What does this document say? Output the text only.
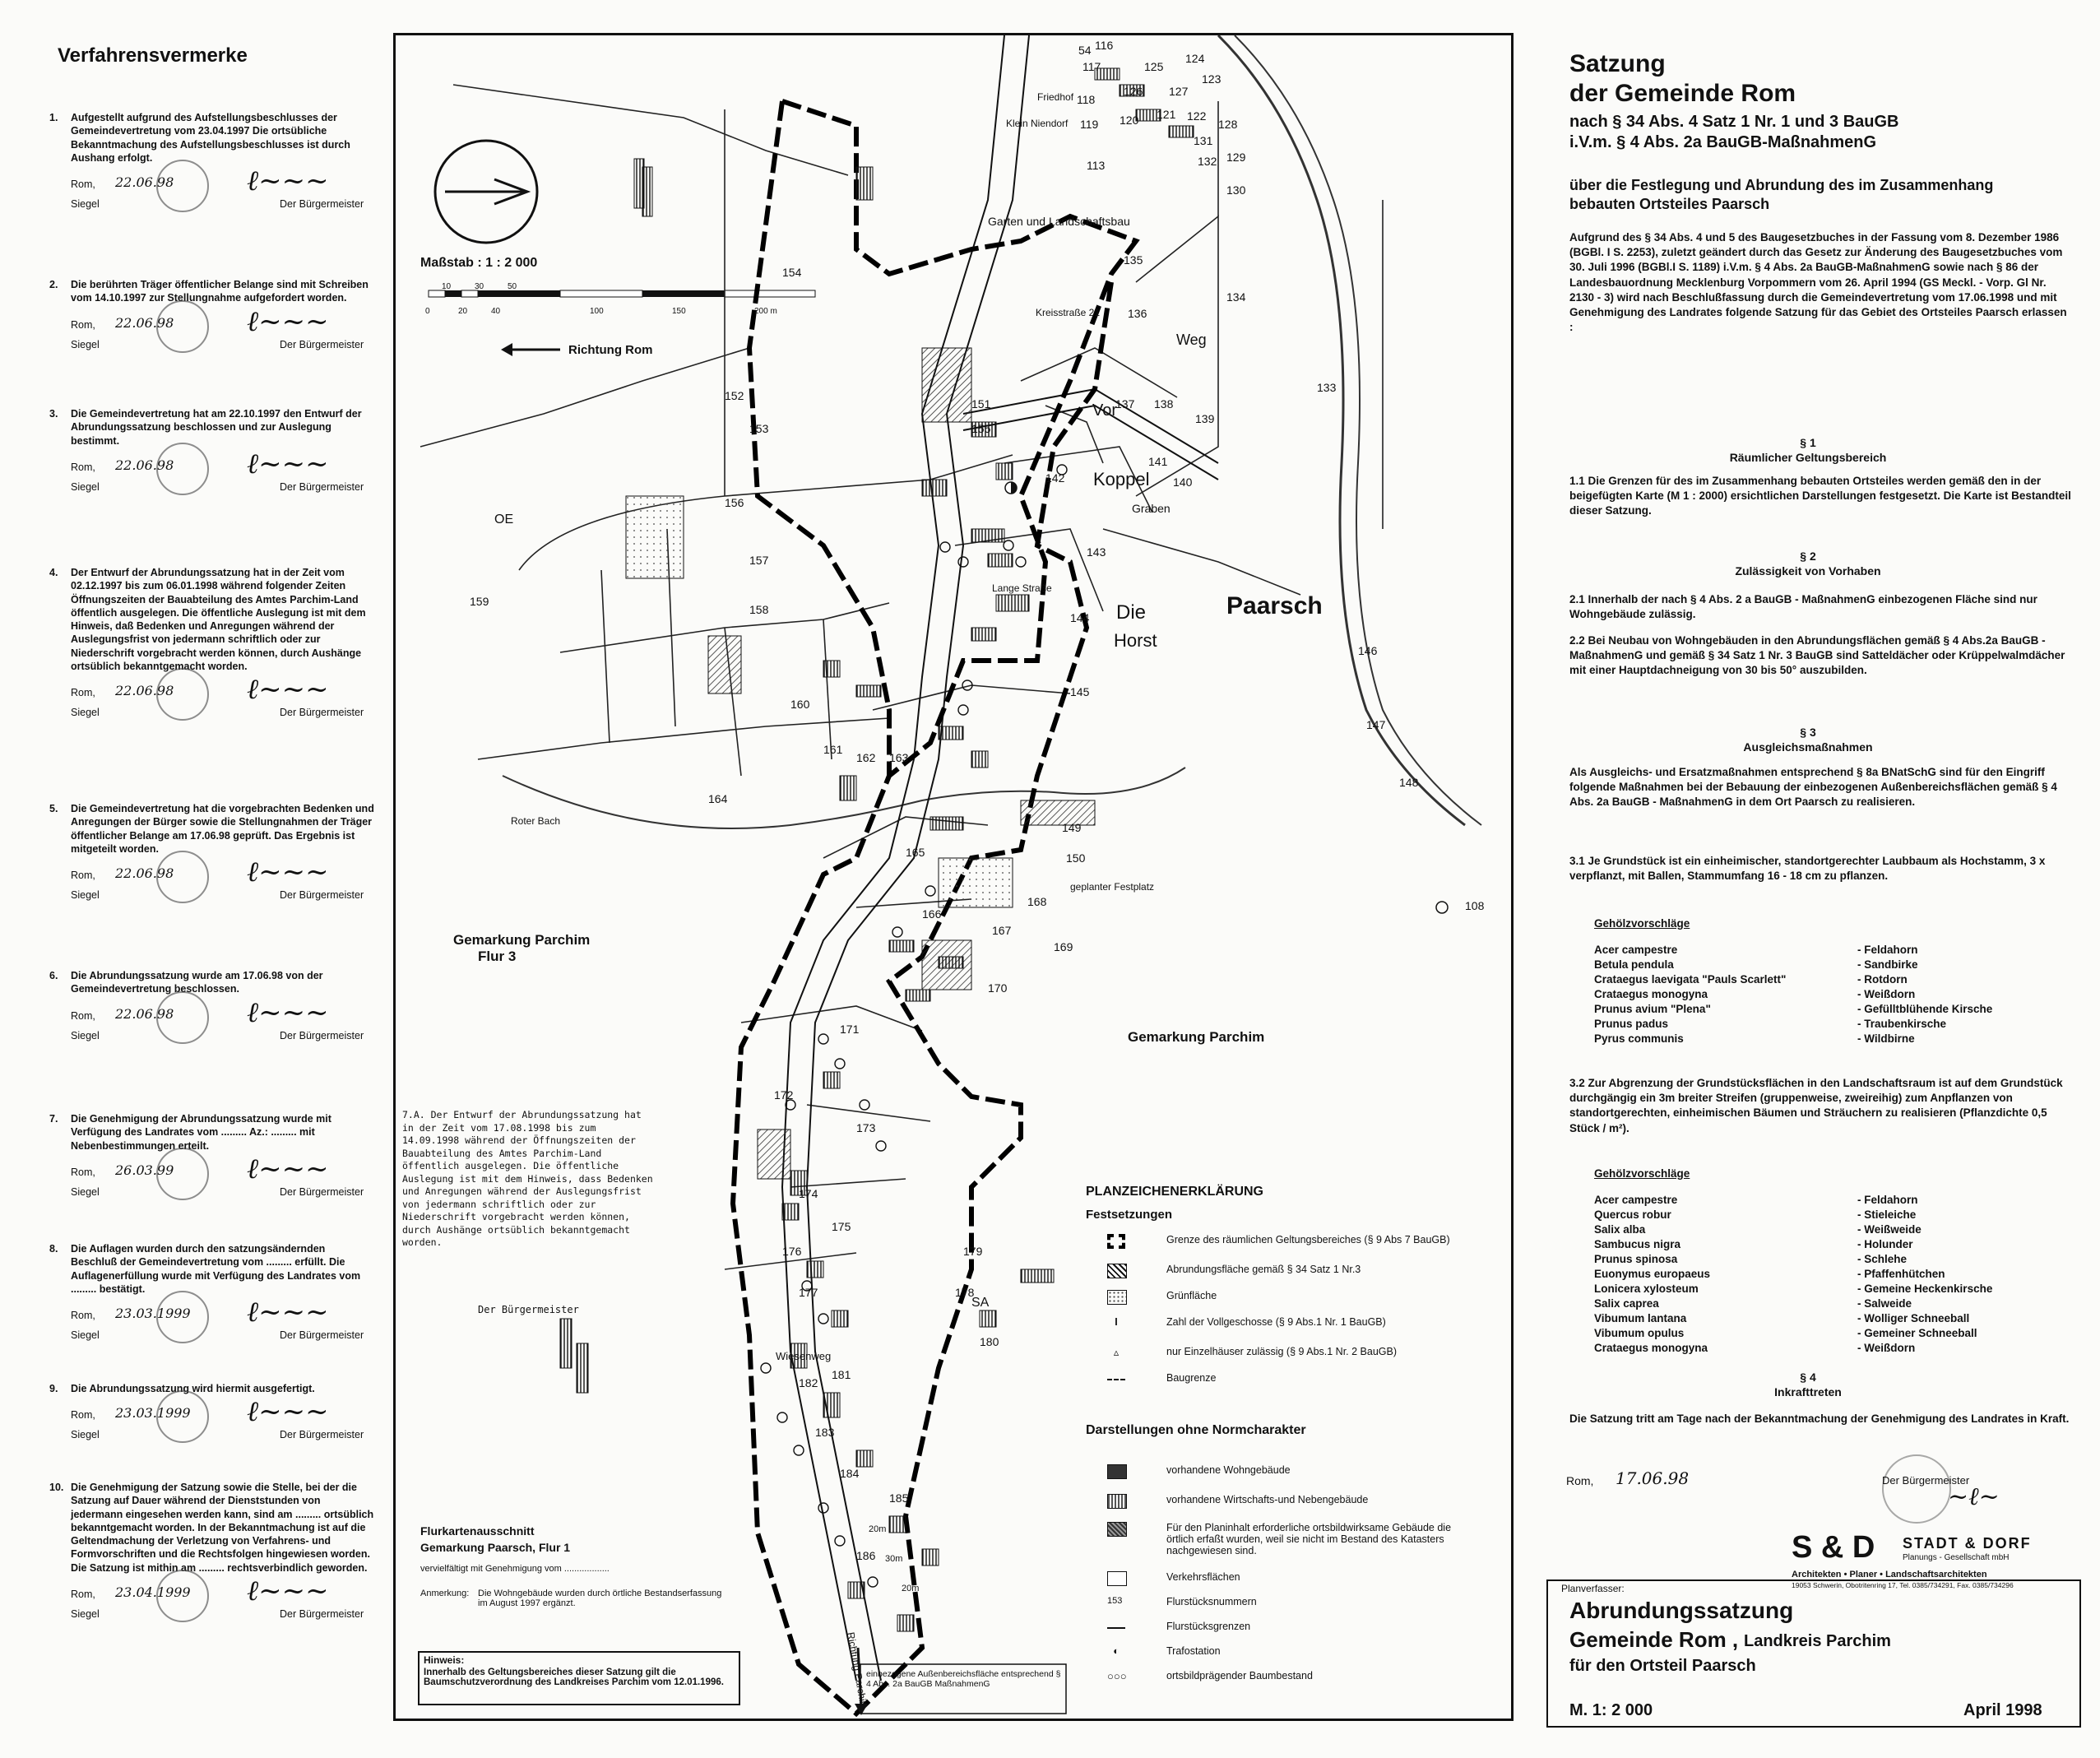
Verfahrensvermerke
1.	Aufgestellt aufgrund des Aufstellungsbeschlusses der Gemeindevertretung vom 23.04.1997 Die ortsübliche Bekanntmachung des Aufstellungsbeschlusses ist durch Aushang erfolgt.
Rom, 22.06.98
Siegel
ℓ~~~
Der Bürgermeister
2.	Die berührten Träger öffentlicher Belange sind mit Schreiben vom 14.10.1997 zur Stellungnahme aufgefordert worden.
Rom, 22.06.98
Siegel
ℓ~~~
Der Bürgermeister
3.	Die Gemeindevertretung hat am 22.10.1997 den Entwurf der Abrundungssatzung beschlossen und zur Auslegung bestimmt.
Rom, 22.06.98
Siegel
ℓ~~~
Der Bürgermeister
4.	Der Entwurf der Abrundungssatzung hat in der Zeit vom 02.12.1997 bis zum 06.01.1998 während folgender Zeiten Öffnungszeiten der Bauabteilung des Amtes Parchim-Land öffentlich ausgelegen. Die öffentliche Auslegung ist mit dem Hinweis, daß Bedenken und Anregungen während der Auslegungsfrist von jedermann schriftlich oder zur Niederschrift vorgebracht werden können, durch Aushänge ortsüblich bekanntgemacht worden.
Rom, 22.06.98
Siegel
ℓ~~~
Der Bürgermeister
5.	Die Gemeindevertretung hat die vorgebrachten Bedenken und Anregungen der Bürger sowie die Stellungnahmen der Träger öffentlicher Belange am 17.06.98 geprüft. Das Ergebnis ist mitgeteilt worden.
Rom, 22.06.98
Siegel
ℓ~~~
Der Bürgermeister
6.	Die Abrundungssatzung wurde am 17.06.98 von der Gemeindevertretung beschlossen.
Rom, 22.06.98
Siegel
ℓ~~~
Der Bürgermeister
7.	Die Genehmigung der Abrundungssatzung wurde mit Verfügung des Landrates vom ......... Az.: ......... mit Nebenbestimmungen erteilt.
Rom, 26.03.99
Siegel
ℓ~~~
Der Bürgermeister
8.	Die Auflagen wurden durch den satzungsändernden Beschluß der Gemeindevertretung vom ......... erfüllt. Die Auflagenerfüllung wurde mit Verfügung des Landrates vom ......... bestätigt.
Rom, 23.03.1999
Siegel
ℓ~~~
Der Bürgermeister
9.	Die Abrundungssatzung wird hiermit ausgefertigt.
Rom, 23.03.1999
Siegel
ℓ~~~
Der Bürgermeister
10. Die Genehmigung der Satzung sowie die Stelle, bei der die Satzung auf Dauer während der Dienststunden von jedermann eingesehen werden kann, sind am ......... ortsüblich bekanntgemacht worden. In der Bekanntmachung ist auf die Geltendmachung der Verletzung von Verfahrens- und Formvorschriften und die Rechtsfolgen hingewiesen worden. Die Satzung ist mithin am ......... rechtsverbindlich geworden.
Rom, 23.04.1999
Siegel
ℓ~~~
Der Bürgermeister
Maßstab : 1 : 2 000
0
10
20
30
40
50
100	150	200 m
Richtung Rom
Paarsch
Gemarkung Parchim
Flur 3
Gemarkung Parchim
Die
Horst
Vor
Koppel
Weg
Graben
Friedhof
Garten und Landschaftsbau
Roter Bach
geplanter Festplatz
Wiesenweg
OE
Lange Straße
Klein Niendorf
Kreisstraße 21
SA
Richtung Parchim
20m
30m
20m
113
116
117
118
119 120 121 122
123
124
125
126 127
128
129
130
131
132
133
134
135
136
137 138
139
140
141
142
143
144
145
146
147
148
149
150
151
152
153
154
155
156
157
158
159
160
161
162 163
164
165
166
167
168
169
170
171
172
173
174
175
176
177	178
179
180
181
182
183
184
185
186
108
54
7.A. Der Entwurf der Abrundungssatzung hat in der Zeit vom 17.08.1998 bis zum 14.09.1998 während der Öffnungszeiten der Bauabteilung des Amtes Parchim-Land öffentlich ausgelegen. Die öffentliche Auslegung ist mit dem Hinweis, dass Bedenken und Anregungen während der Auslegungsfrist von jedermann schriftlich oder zur Niederschrift vorgebracht werden können, durch Aushänge ortsüblich bekanntgemacht worden.
Der Bürgermeister
Flurkartenausschnitt
Gemarkung Paarsch, Flur 1
vervielfältigt mit Genehmigung vom ..................
Anmerkung: Die Wohngebäude wurden durch örtliche Bestandserfassung im August 1997 ergänzt.
Hinweis:
Innerhalb des Geltungsbereiches dieser Satzung gilt die Baumschutzverordnung des Landkreises Parchim vom 12.01.1996.
einbezogene Außenbereichsfläche entsprechend § 4 Abs. 2a BauGB MaßnahmenG
PLANZEICHENERKLÄRUNG
Festsetzungen
Grenze des räumlichen Geltungsbereiches (§ 9 Abs 7 BauGB)
Abrundungsfläche gemäß § 34 Satz 1 Nr.3
Grünfläche
I	Zahl der Vollgeschosse (§ 9 Abs.1 Nr. 1 BauGB)
▵	nur Einzelhäuser zulässig (§ 9 Abs.1 Nr. 2 BauGB)
Baugrenze
Darstellungen ohne Normcharakter
vorhandene Wohngebäude
vorhandene Wirtschafts-und Nebengebäude
Für den Planinhalt erforderliche ortsbildwirksame Gebäude die örtlich erfaßt wurden, weil sie nicht im Bestand des Katasters nachgewiesen sind.
Verkehrsflächen
153	Flurstücksnummern
Flurstücksgrenzen
◐	Trafostation
○○○	ortsbildprägender Baumbestand
Satzung
der Gemeinde Rom
nach § 34 Abs. 4 Satz 1 Nr. 1 und 3 BauGB
i.V.m. § 4 Abs. 2a BauGB-MaßnahmenG
über die Festlegung und Abrundung des im Zusammenhang bebauten Ortsteiles Paarsch
Aufgrund des § 34 Abs. 4 und 5 des Baugesetzbuches in der Fassung vom 8. Dezember 1986 (BGBl. I S. 2253), zuletzt geändert durch das Gesetz zur Änderung des Baugesetzbuches vom 30. Juli 1996 (BGBl.I S. 1189) i.V.m. § 4 Abs. 2a BauGB-MaßnahmenG sowie nach § 86 der Landesbauordnung Mecklenburg Vorpommern vom 26. April 1994 (GS Meckl. - Vorp. Gl Nr. 2130 - 3) wird nach Beschlußfassung durch die Gemeindevertretung vom 17.06.1998 und mit Genehmigung des Landrates folgende Satzung für das Gebiet des Ortsteiles Paarsch erlassen :
§ 1
Räumlicher Geltungsbereich
1.1 Die Grenzen für des im Zusammenhang bebauten Ortsteiles werden gemäß den in der beigefügten Karte (M 1 : 2000) ersichtlichen Darstellungen festgesetzt. Die Karte ist Bestandteil dieser Satzung.
§ 2
Zulässigkeit von Vorhaben
2.1 Innerhalb der nach § 4 Abs. 2 a BauGB - MaßnahmenG einbezogenen Fläche sind nur Wohngebäude zulässig.
2.2 Bei Neubau von Wohngebäuden in den Abrundungsflächen gemäß § 4 Abs.2a BauGB - MaßnahmenG und gemäß § 34 Satz 1 Nr. 3 BauGB sind Satteldächer oder Krüppelwalmdächer mit einer Hauptdachneigung von 30 bis 50° auszubilden.
§ 3
Ausgleichsmaßnahmen
Als Ausgleichs- und Ersatzmaßnahmen entsprechend § 8a BNatSchG sind für den Eingriff folgende Maßnahmen bei der Bebauung der einbezogenen Außenbereichsflächen gemäß § 4 Abs. 2a BauGB - MaßnahmenG in dem Ort Paarsch zu realisieren.
3.1 Je Grundstück ist ein einheimischer, standortgerechter Laubbaum als Hochstamm, 3 x verpflanzt, mit Ballen, Stammumfang 16 - 18 cm zu pflanzen.
Gehölzvorschläge
Acer campestre	- Feldahorn
Betula pendula	- Sandbirke
Crataegus laevigata "Pauls Scarlett"	- Rotdorn
Crataegus monogyna	- Weißdorn
Prunus avium "Plena"	- Gefülltblühende Kirsche
Prunus padus	- Traubenkirsche
Pyrus communis	- Wildbirne
3.2 Zur Abgrenzung der Grundstücksflächen in den Landschaftsraum ist auf dem Grundstück durchgängig ein 3m breiter Streifen (gruppenweise, zweireihig) zum Anpflanzen von standortgerechten, einheimischen Bäumen und Sträuchern zu realisieren (Pflanzdichte 0,5 Stück / m²).
Gehölzvorschläge
Acer campestre	- Feldahorn
Quercus robur	- Stieleiche
Salix alba	- Weißweide
Sambucus nigra	- Holunder
Prunus spinosa	- Schlehe
Euonymus europaeus	- Pfaffenhütchen
Lonicera xylosteum	- Gemeine Heckenkirsche
Salix caprea	- Salweide
Vibumum lantana	- Wolliger Schneeball
Vibumum opulus	- Gemeiner Schneeball
Crataegus monogyna	- Weißdorn
§ 4
Inkrafttreten
Die Satzung tritt am Tage nach der Bekanntmachung der Genehmigung des Landrates in Kraft.
Rom, 17.06.98	Der Bürgermeister
~ℓ~
S & D STADT & DORF
Planungs - Gesellschaft mbH
Architekten • Planer • Landschaftsarchitekten
19053 Schwerin, Obotritenring 17, Tel. 0385/734291, Fax. 0385/734296
Planverfasser:
Abrundungssatzung
Gemeinde Rom , Landkreis Parchim
für den Ortsteil Paarsch
M. 1: 2 000	April 1998
